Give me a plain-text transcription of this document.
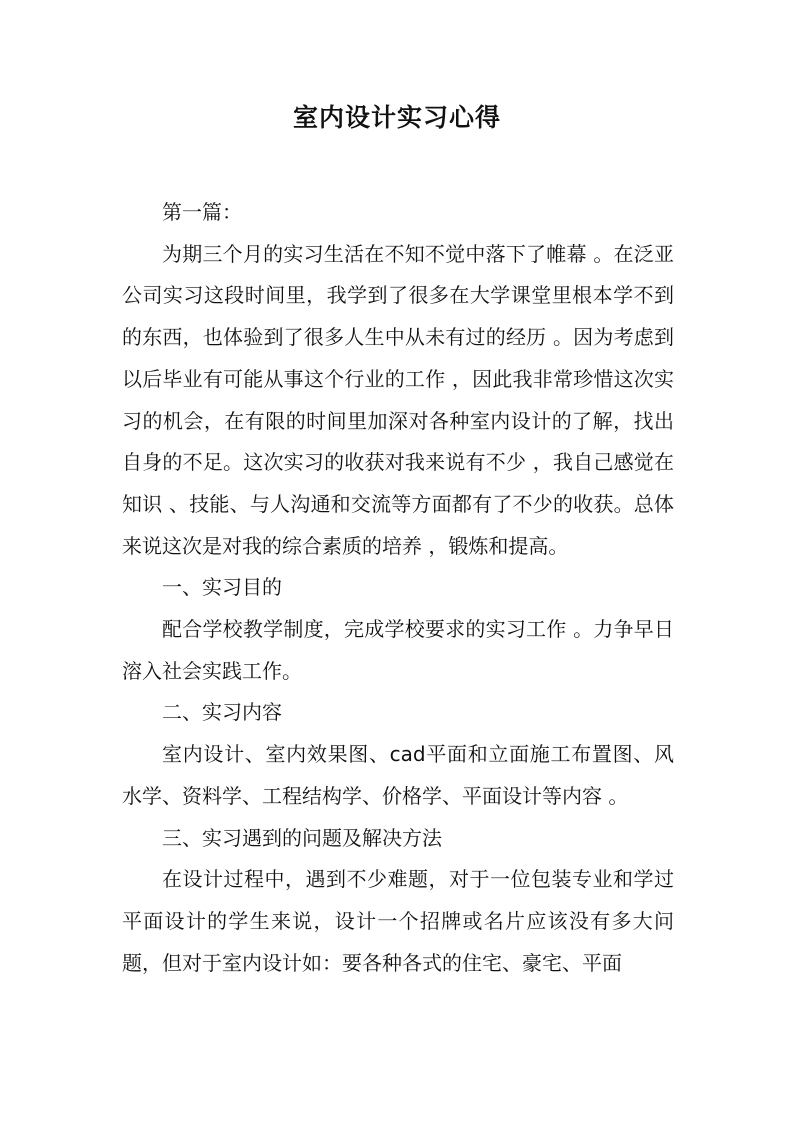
室内设计实习心得

第一篇：

为期三个月的实习生活在不知不觉中落下了帷幕 。在泛亚公司实习这段时间里，我学到了很多在大学课堂里根本学不到的东西，也体验到了很多人生中从未有过的经历 。因为考虑到以后毕业有可能从事这个行业的工作 ，因此我非常珍惜这次实习的机会，在有限的时间里加深对各种室内设计的了解，找出自身的不足。这次实习的收获对我来说有不少 ，我自己感觉在知识 、技能、与人沟通和交流等方面都有了不少的收获。总体来说这次是对我的综合素质的培养 ，锻炼和提高。

一、实习目的

配合学校教学制度，完成学校要求的实习工作 。力争早日溶入社会实践工作。

二、实习内容

室内设计、室内效果图、cad平面和立面施工布置图、风水学、资料学、工程结构学、价格学、平面设计等内容 。

三、实习遇到的问题及解决方法

在设计过程中，遇到不少难题，对于一位包装专业和学过平面设计的学生来说，设计一个招牌或名片应该没有多大问题，但对于室内设计如：要各种各式的住宅、豪宅、平面
